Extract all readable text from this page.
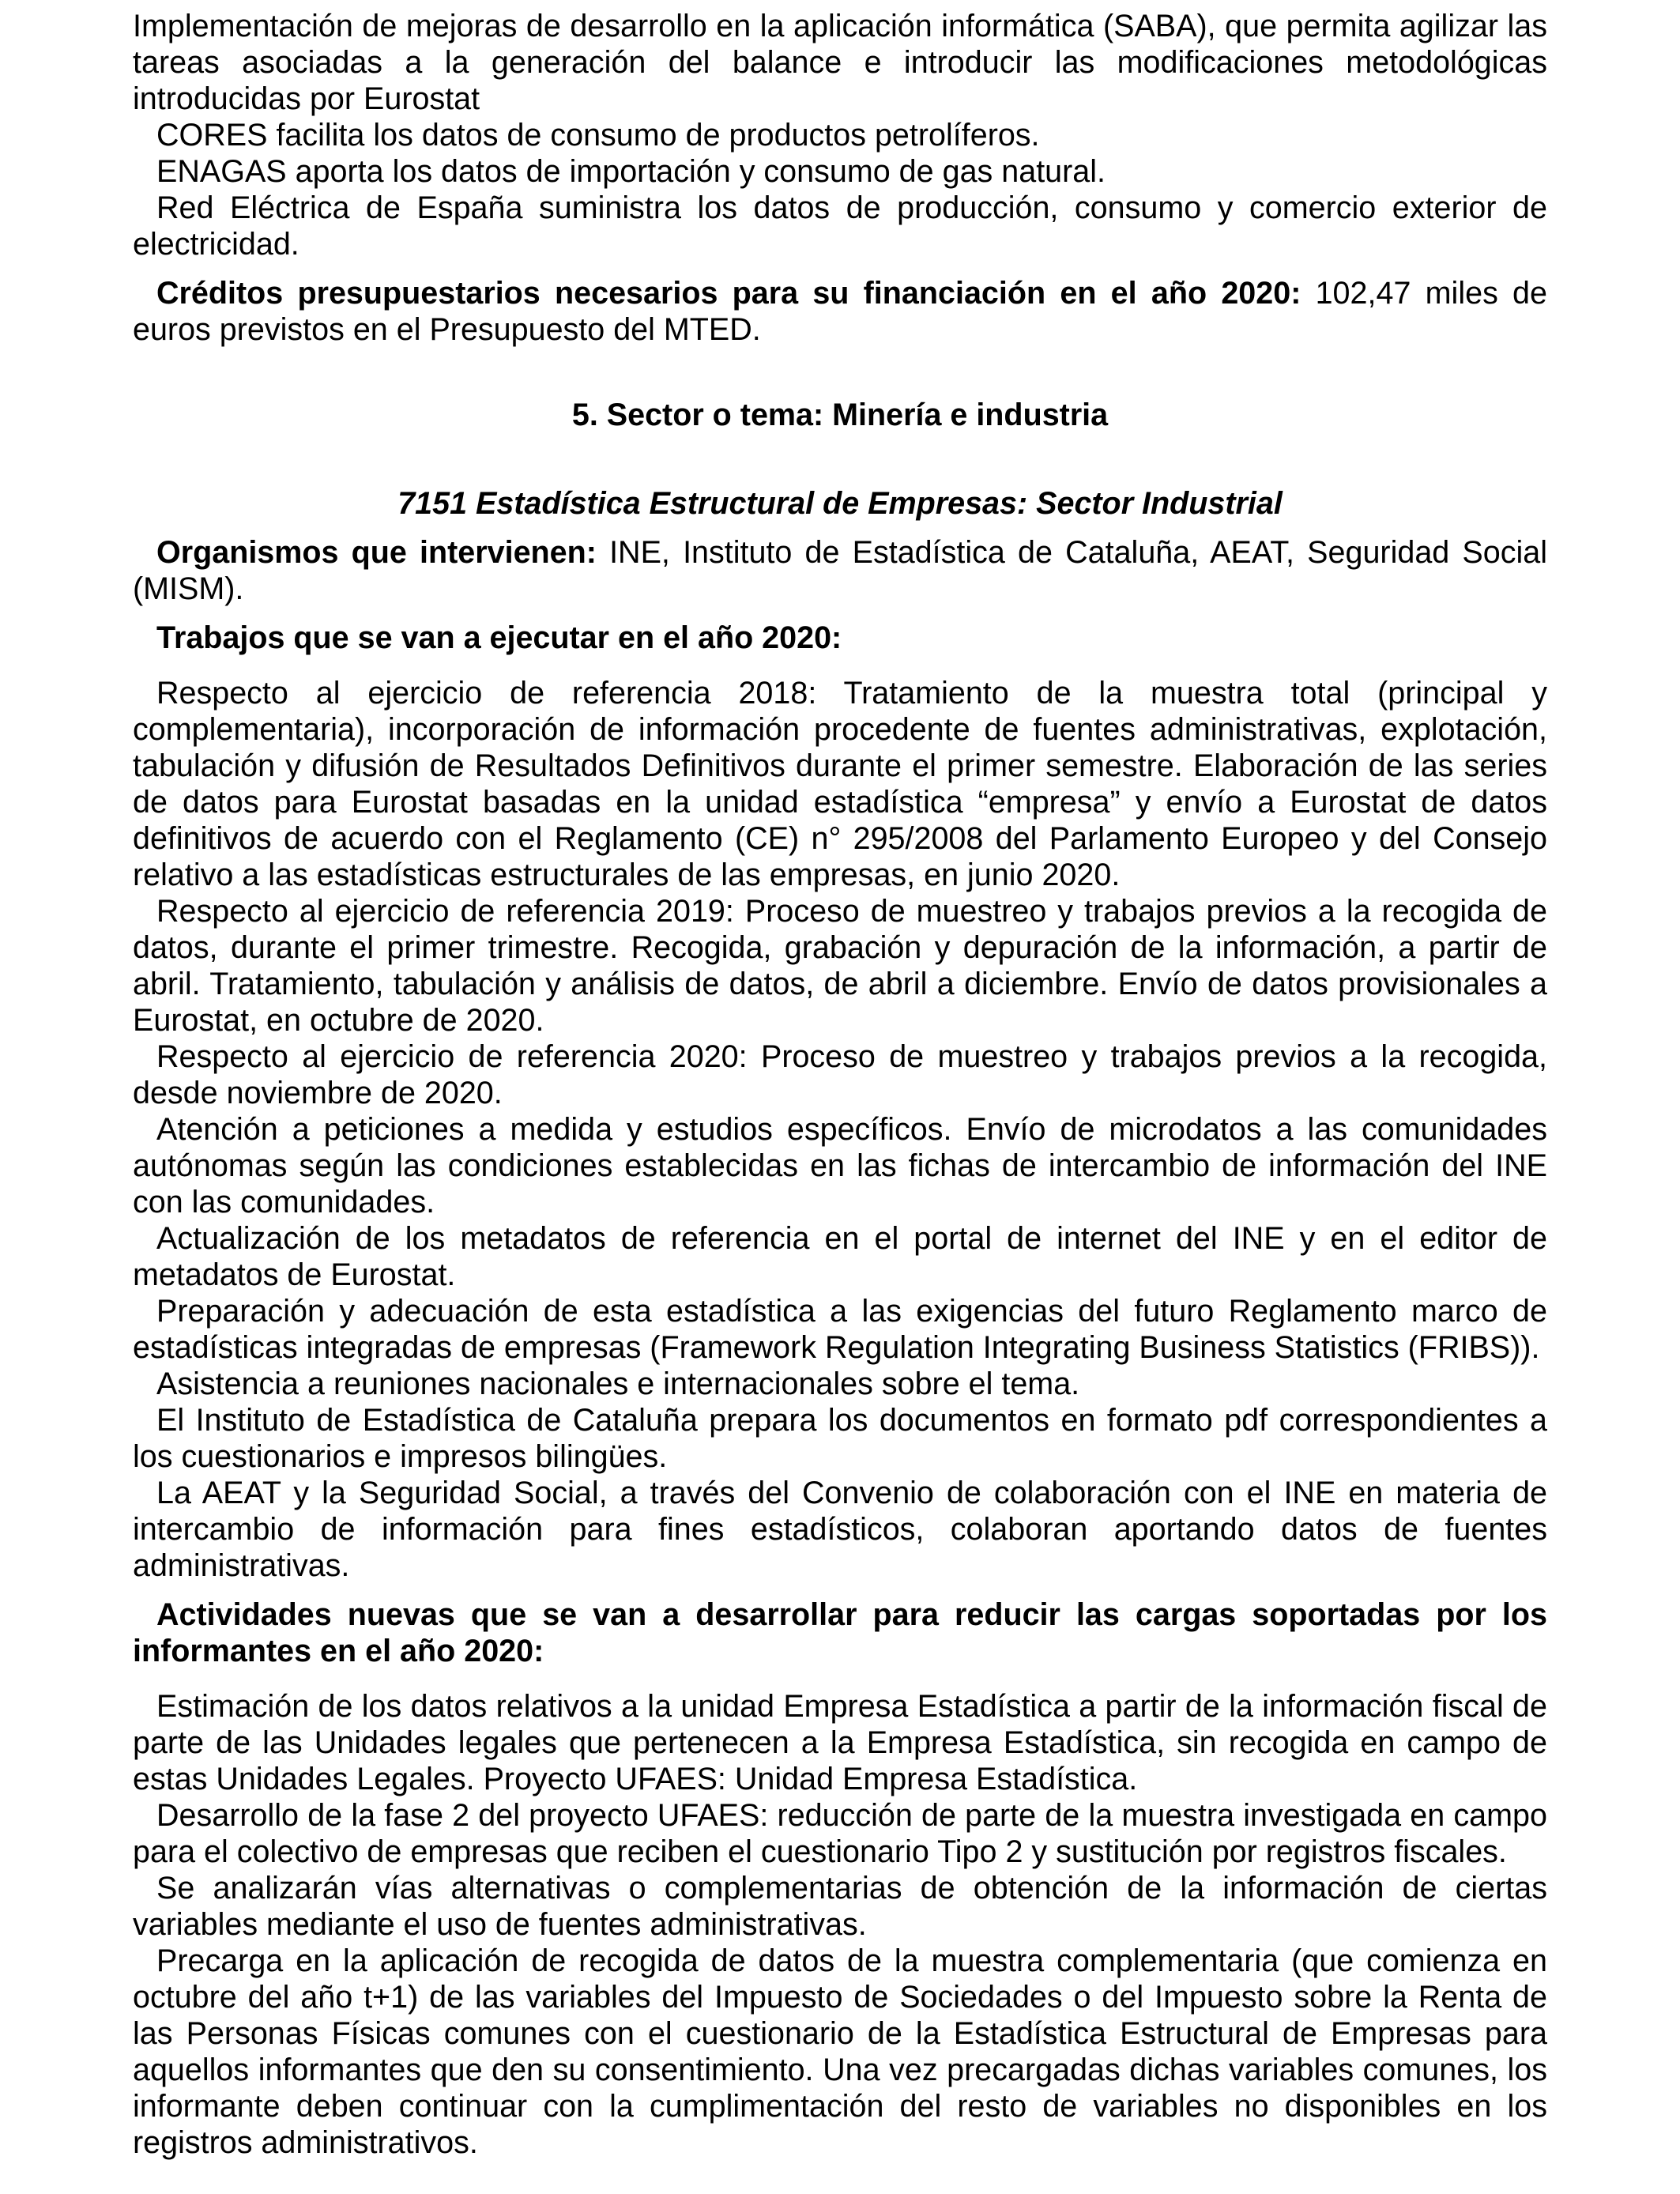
Implementación de mejoras de desarrollo en la aplicación informática (SABA), que permita agilizar las tareas asociadas a la generación del balance e introducir las modificaciones metodológicas introducidas por Eurostat

CORES facilita los datos de consumo de productos petrolíferos.

ENAGAS aporta los datos de importación y consumo de gas natural.

Red Eléctrica de España suministra los datos de producción, consumo y comercio exterior de electricidad.

Créditos presupuestarios necesarios para su financiación en el año 2020: 102,47 miles de euros previstos en el Presupuesto del MTED.

5. Sector o tema: Minería e industria

7151 Estadística Estructural de Empresas: Sector Industrial

Organismos que intervienen: INE, Instituto de Estadística de Cataluña, AEAT, Seguridad Social (MISM).

Trabajos que se van a ejecutar en el año 2020:

Respecto al ejercicio de referencia 2018: Tratamiento de la muestra total (principal y complementaria), incorporación de información procedente de fuentes administrativas, explotación, tabulación y difusión de Resultados Definitivos durante el primer semestre. Elaboración de las series de datos para Eurostat basadas en la unidad estadística “empresa” y envío a Eurostat de datos definitivos de acuerdo con el Reglamento (CE) n° 295/2008 del Parlamento Europeo y del Consejo relativo a las estadísticas estructurales de las empresas, en junio 2020.

Respecto al ejercicio de referencia 2019: Proceso de muestreo y trabajos previos a la recogida de datos, durante el primer trimestre. Recogida, grabación y depuración de la información, a partir de abril. Tratamiento, tabulación y análisis de datos, de abril a diciembre. Envío de datos provisionales a Eurostat, en octubre de 2020.

Respecto al ejercicio de referencia 2020: Proceso de muestreo y trabajos previos a la recogida, desde noviembre de 2020.

Atención a peticiones a medida y estudios específicos. Envío de microdatos a las comunidades autónomas según las condiciones establecidas en las fichas de intercambio de información del INE con las comunidades.

Actualización de los metadatos de referencia en el portal de internet del INE y en el editor de metadatos de Eurostat.

Preparación y adecuación de esta estadística a las exigencias del futuro Reglamento marco de estadísticas integradas de empresas (Framework Regulation Integrating Business Statistics (FRIBS)).

Asistencia a reuniones nacionales e internacionales sobre el tema.

El Instituto de Estadística de Cataluña prepara los documentos en formato pdf correspondientes a los cuestionarios e impresos bilingües.

La AEAT y la Seguridad Social, a través del Convenio de colaboración con el INE en materia de intercambio de información para fines estadísticos, colaboran aportando datos de fuentes administrativas.

Actividades nuevas que se van a desarrollar para reducir las cargas soportadas por los informantes en el año 2020:

Estimación de los datos relativos a la unidad Empresa Estadística a partir de la información fiscal de parte de las Unidades legales que pertenecen a la Empresa Estadística, sin recogida en campo de estas Unidades Legales. Proyecto UFAES: Unidad Empresa Estadística.

Desarrollo de la fase 2 del proyecto UFAES: reducción de parte de la muestra investigada en campo para el colectivo de empresas que reciben el cuestionario Tipo 2 y sustitución por registros fiscales.

Se analizarán vías alternativas o complementarias de obtención de la información de ciertas variables mediante el uso de fuentes administrativas.

Precarga en la aplicación de recogida de datos de la muestra complementaria (que comienza en octubre del año t+1) de las variables del Impuesto de Sociedades o del Impuesto sobre la Renta de las Personas Físicas comunes con el cuestionario de la Estadística Estructural de Empresas para aquellos informantes que den su consentimiento. Una vez precargadas dichas variables comunes, los informante deben continuar con la cumplimentación del resto de variables no disponibles en los registros administrativos.
